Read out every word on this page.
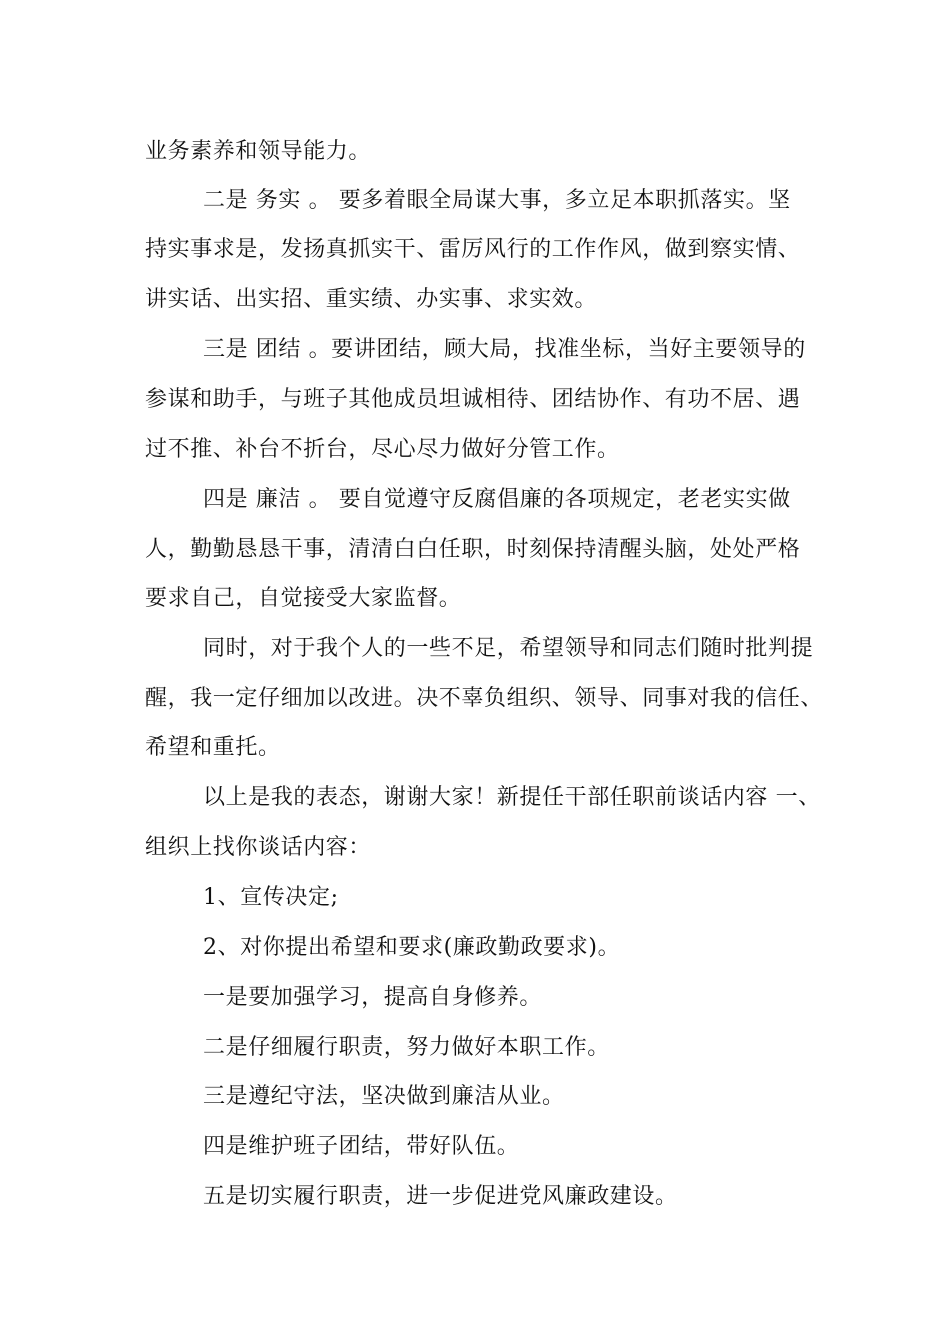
业务素养和领导能力。
二是 务实 。 要多着眼全局谋大事，多立足本职抓落实。坚
持实事求是，发扬真抓实干、雷厉风行的工作作风，做到察实情、
讲实话、出实招、重实绩、办实事、求实效。
三是 团结 。要讲团结，顾大局，找准坐标，当好主要领导的
参谋和助手，与班子其他成员坦诚相待、团结协作、有功不居、遇
过不推、补台不折台，尽心尽力做好分管工作。
四是 廉洁 。 要自觉遵守反腐倡廉的各项规定，老老实实做
人，勤勤恳恳干事，清清白白任职，时刻保持清醒头脑，处处严格
要求自己，自觉接受大家监督。
同时，对于我个人的一些不足，希望领导和同志们随时批判提
醒，我一定仔细加以改进。决不辜负组织、领导、同事对我的信任、
希望和重托。
以上是我的表态，谢谢大家！新提任干部任职前谈话内容 一、
组织上找你谈话内容：
1、宣传决定;
2、对你提出希望和要求(廉政勤政要求)。
一是要加强学习，提高自身修养。
二是仔细履行职责，努力做好本职工作。
三是遵纪守法，坚决做到廉洁从业。
四是维护班子团结，带好队伍。
五是切实履行职责，进一步促进党风廉政建设。
